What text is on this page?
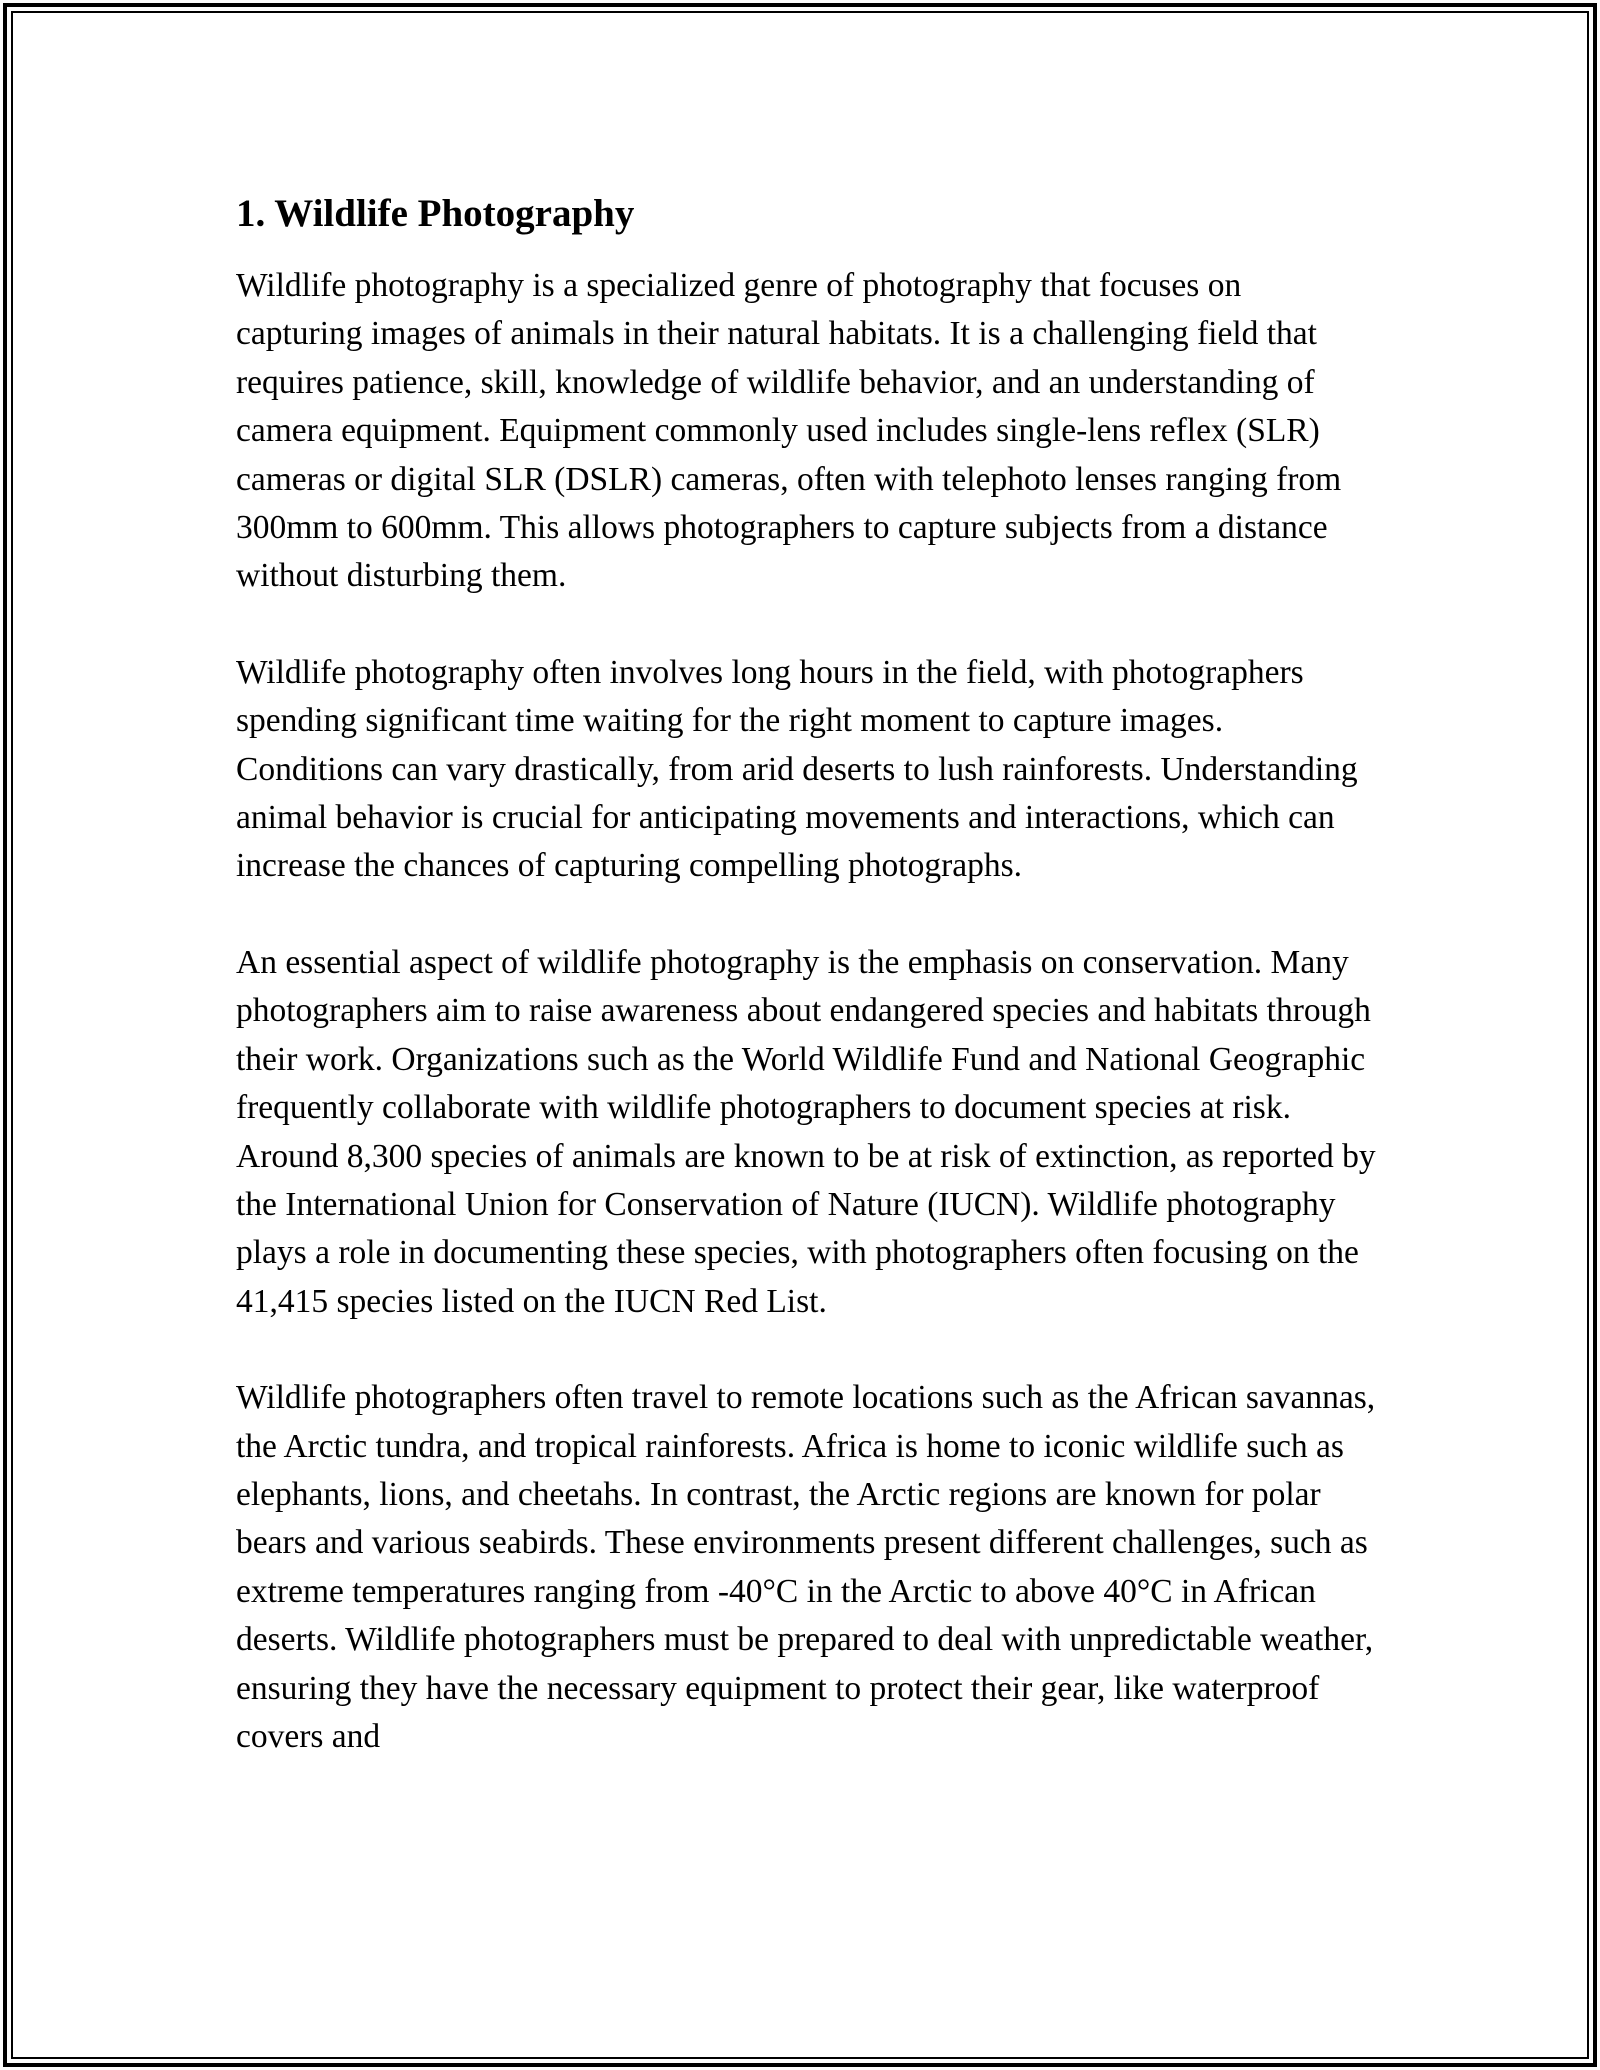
1. Wildlife Photography

Wildlife photography is a specialized genre of photography that focuses on capturing images of animals in their natural habitats. It is a challenging field that requires patience, skill, knowledge of wildlife behavior, and an understanding of camera equipment. Equipment commonly used includes single-lens reflex (SLR) cameras or digital SLR (DSLR) cameras, often with telephoto lenses ranging from 300mm to 600mm. This allows photographers to capture subjects from a distance without disturbing them.

Wildlife photography often involves long hours in the field, with photographers spending significant time waiting for the right moment to capture images. Conditions can vary drastically, from arid deserts to lush rainforests. Understanding animal behavior is crucial for anticipating movements and interactions, which can increase the chances of capturing compelling photographs.

An essential aspect of wildlife photography is the emphasis on conservation. Many photographers aim to raise awareness about endangered species and habitats through their work. Organizations such as the World Wildlife Fund and National Geographic frequently collaborate with wildlife photographers to document species at risk. Around 8,300 species of animals are known to be at risk of extinction, as reported by the International Union for Conservation of Nature (IUCN). Wildlife photography plays a role in documenting these species, with photographers often focusing on the 41,415 species listed on the IUCN Red List.

Wildlife photographers often travel to remote locations such as the African savannas, the Arctic tundra, and tropical rainforests. Africa is home to iconic wildlife such as elephants, lions, and cheetahs. In contrast, the Arctic regions are known for polar bears and various seabirds. These environments present different challenges, such as extreme temperatures ranging from -40°C in the Arctic to above 40°C in African deserts. Wildlife photographers must be prepared to deal with unpredictable weather, ensuring they have the necessary equipment to protect their gear, like waterproof covers and
